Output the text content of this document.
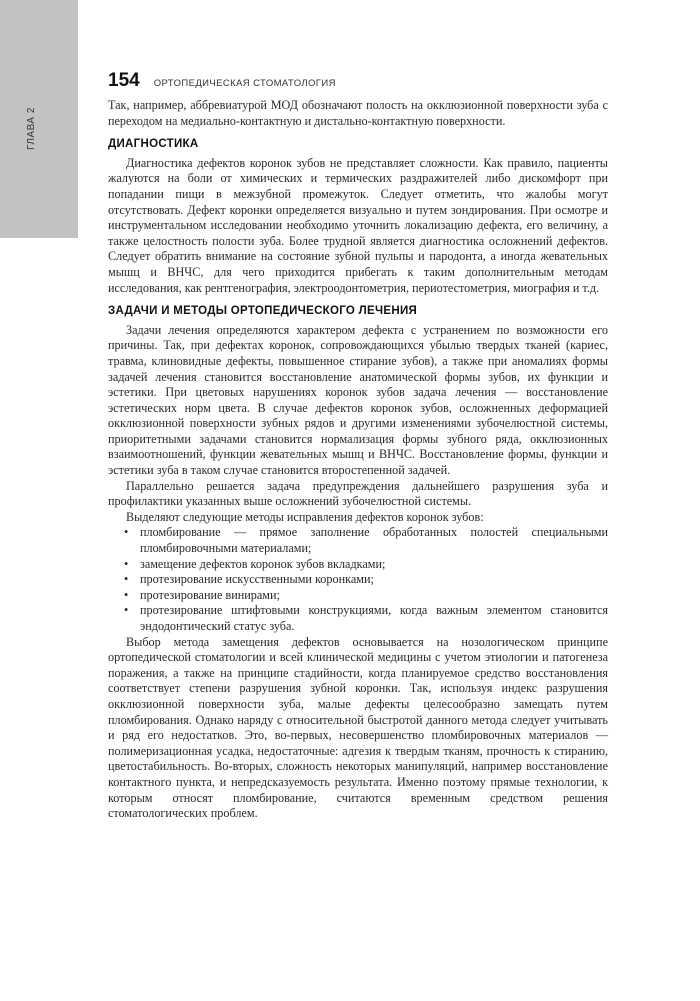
ГЛАВА 2
154 ОРТОПЕДИЧЕСКАЯ СТОМАТОЛОГИЯ

Так, например, аббревиатурой МОД обозначают полость на окклюзионной поверхности зуба с переходом на медиально-контактную и дистально-контактную поверхности.

ДИАГНОСТИКА

Диагностика дефектов коронок зубов не представляет сложности. Как правило, пациенты жалуются на боли от химических и термических раздражителей либо дискомфорт при попадании пищи в межзубной промежуток. Следует отметить, что жалобы могут отсутствовать. Дефект коронки определяется визуально и путем зондирования. При осмотре и инструментальном исследовании необходимо уточнить локализацию дефекта, его величину, а также целостность полости зуба. Более трудной является диагностика осложнений дефектов. Следует обратить внимание на состояние зубной пульпы и пародонта, а иногда жевательных мышц и ВНЧС, для чего приходится прибегать к таким дополнительным методам исследования, как рентгенография, электроодонтометрия, периотестометрия, миография и т.д.

ЗАДАЧИ И МЕТОДЫ ОРТОПЕДИЧЕСКОГО ЛЕЧЕНИЯ

Задачи лечения определяются характером дефекта с устранением по возможности его причины. Так, при дефектах коронок, сопровождающихся убылью твердых тканей (кариес, травма, клиновидные дефекты, повышенное стирание зубов), а также при аномалиях формы задачей лечения становится восстановление анатомической формы зубов, их функции и эстетики. При цветовых нарушениях коронок зубов задача лечения — восстановление эстетических норм цвета. В случае дефектов коронок зубов, осложненных деформацией окклюзионной поверхности зубных рядов и другими изменениями зубочелюстной системы, приоритетными задачами становится нормализация формы зубного ряда, окклюзионных взаимоотношений, функции жевательных мышц и ВНЧС. Восстановление формы, функции и эстетики зуба в таком случае становится второстепенной задачей.

Параллельно решается задача предупреждения дальнейшего разрушения зуба и профилактики указанных выше осложнений зубочелюстной системы.

Выделяют следующие методы исправления дефектов коронок зубов:

• пломбирование — прямое заполнение обработанных полостей специальными пломбировочными материалами;
• замещение дефектов коронок зубов вкладками;
• протезирование искусственными коронками;
• протезирование винирами;
• протезирование штифтовыми конструкциями, когда важным элементом становится эндодонтический статус зуба.

Выбор метода замещения дефектов основывается на нозологическом принципе ортопедической стоматологии и всей клинической медицины с учетом этиологии и патогенеза поражения, а также на принципе стадийности, когда планируемое средство восстановления соответствует степени разрушения зубной коронки. Так, используя индекс разрушения окклюзионной поверхности зуба, малые дефекты целесообразно замещать путем пломбирования. Однако наряду с относительной быстротой данного метода следует учитывать и ряд его недостатков. Это, во-первых, несовершенство пломбировочных материалов — полимеризационная усадка, недостаточные: адгезия к твердым тканям, прочность к стиранию, цветостабильность. Во-вторых, сложность некоторых манипуляций, например восстановление контактного пункта, и непредсказуемость результата. Именно поэтому прямые технологии, к которым относят пломбирование, считаются временным средством решения стоматологических проблем.
